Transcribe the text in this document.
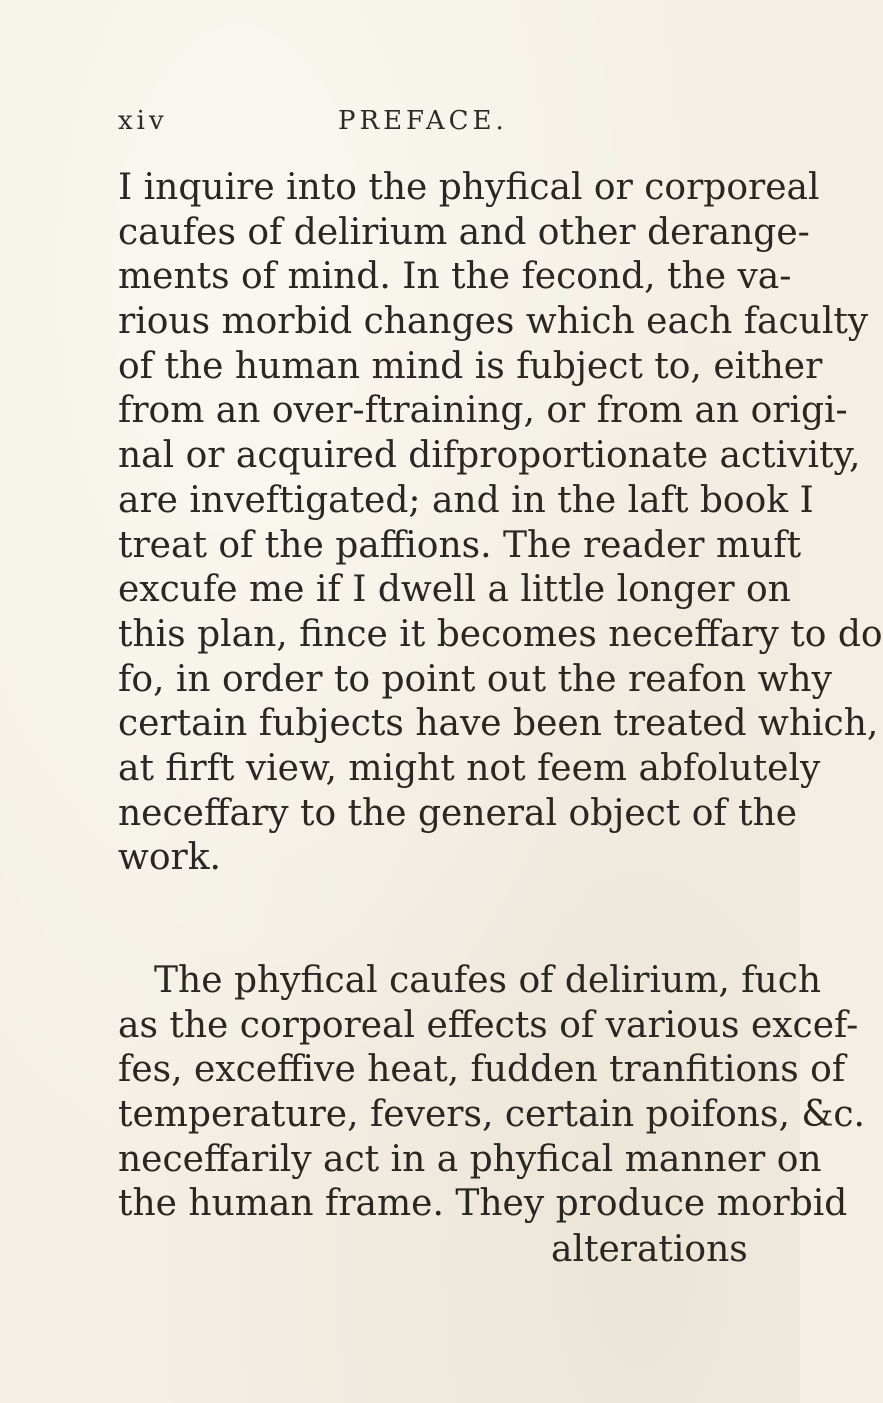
xiv	PREFACE.
I inquire into the phyfical or corporeal
caufes of delirium and other derange-
ments of mind. In the fecond, the va-
rious morbid changes which each faculty
of the human mind is fubject to, either
from an over-ftraining, or from an origi-
nal or acquired difproportionate activity,
are inveftigated; and in the laft book I
treat of the paffions. The reader muft
excufe me if I dwell a little longer on
this plan, fince it becomes neceffary to do
fo, in order to point out the reafon why
certain fubjects have been treated which,
at firft view, might not feem abfolutely
neceffary to the general object of the
work.
The phyfical caufes of delirium, fuch
as the corporeal effects of various excef-
fes, exceffive heat, fudden tranfitions of
temperature, fevers, certain poifons, &c.
neceffarily act in a phyfical manner on
the human frame. They produce morbid
alterations
